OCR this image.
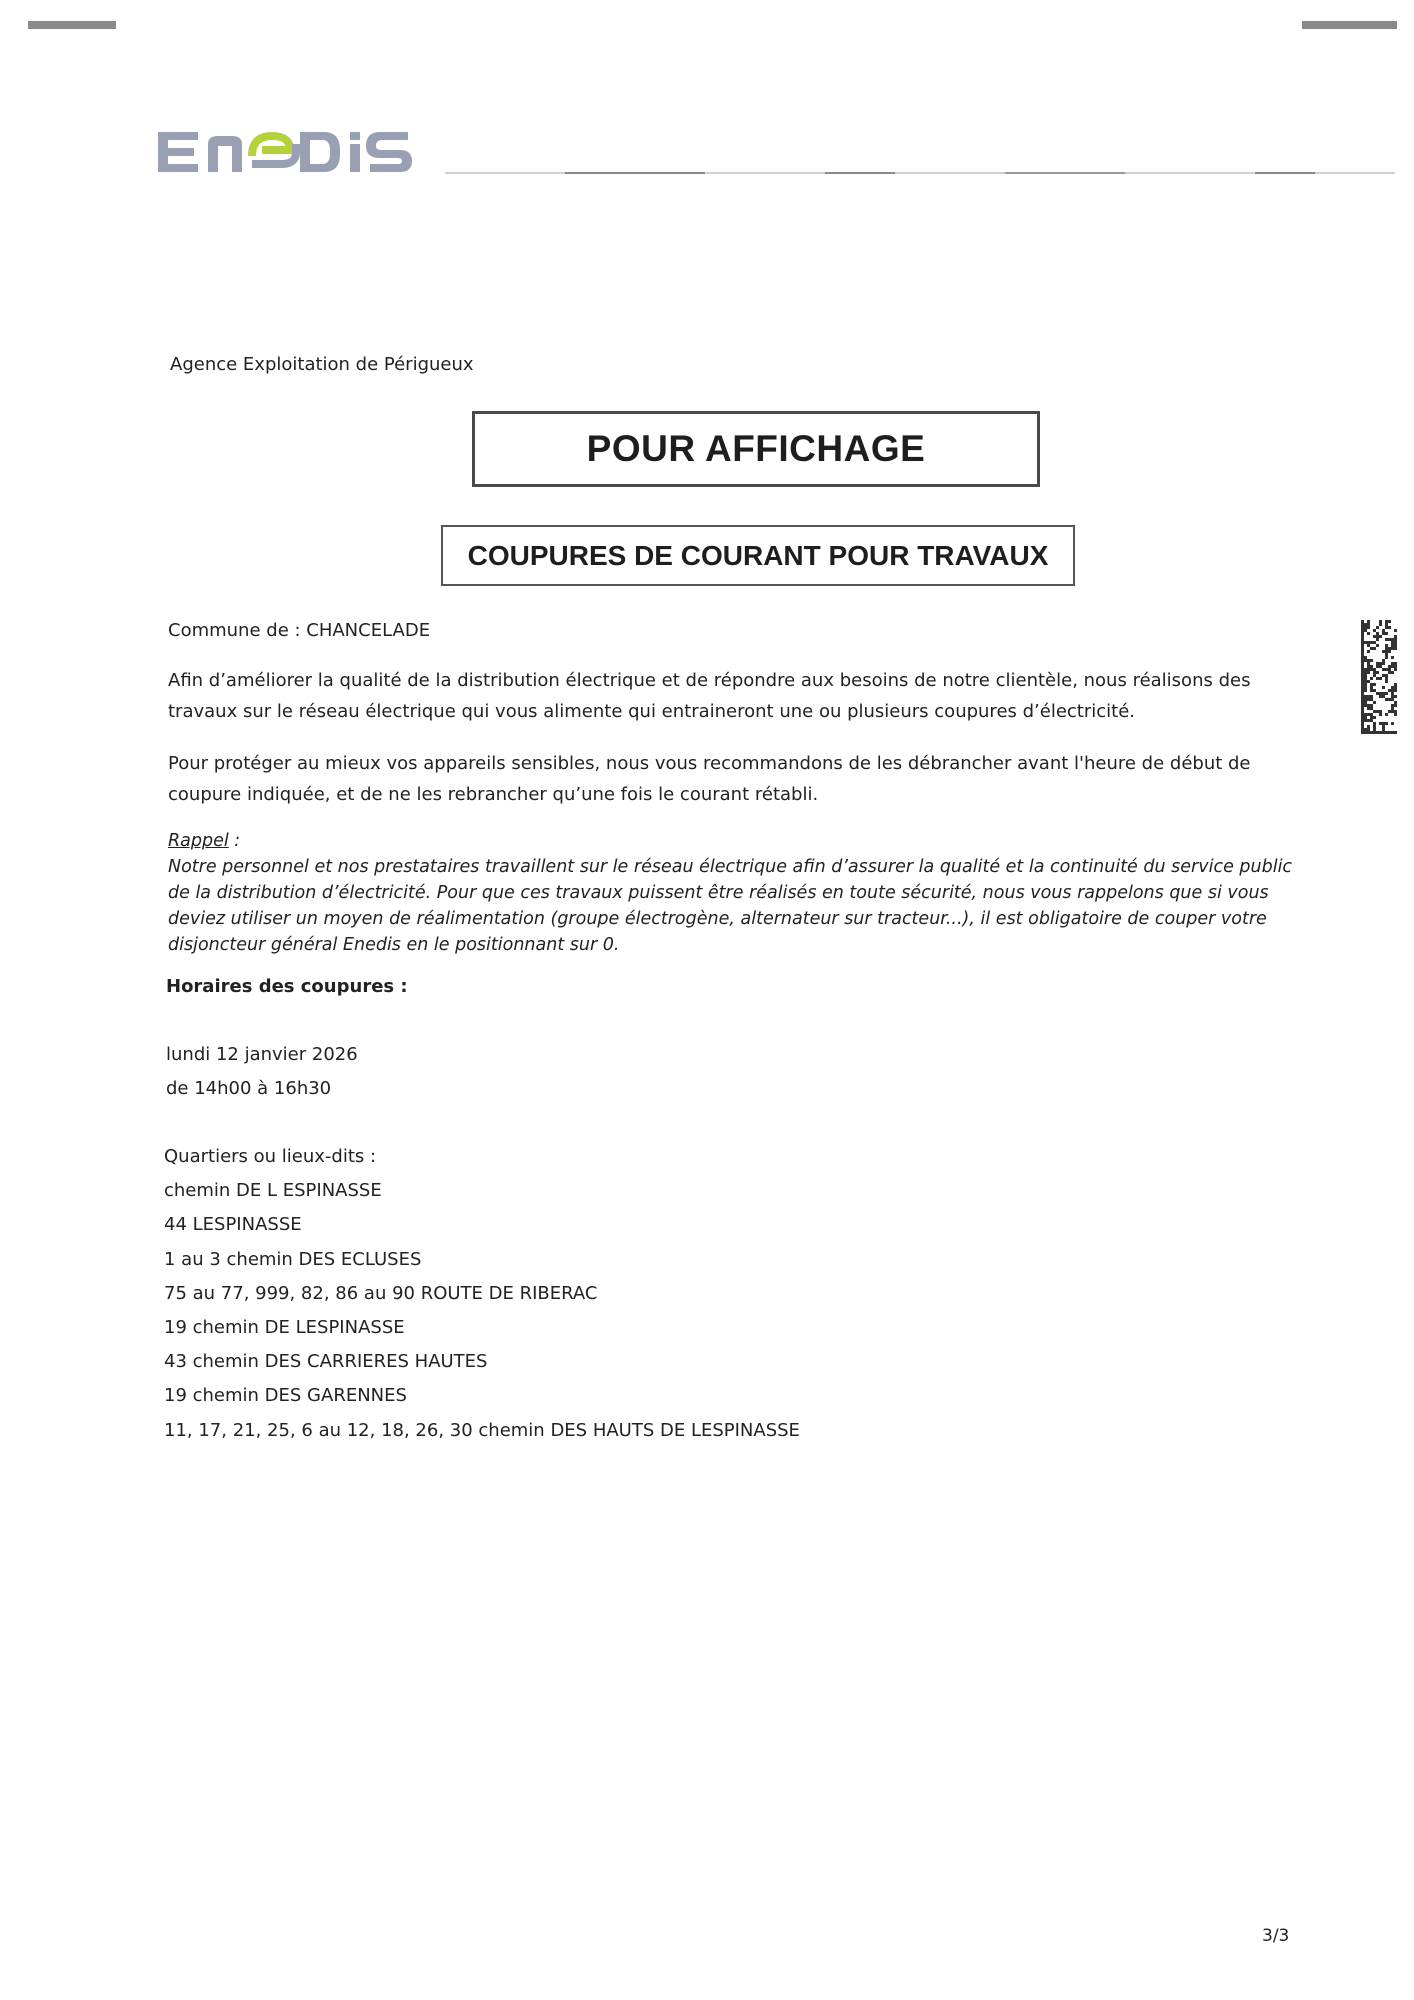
Agence Exploitation de Périgueux
POUR AFFICHAGE
COUPURES DE COURANT POUR TRAVAUX
Commune de : CHANCELADE
Afin d’améliorer la qualité de la distribution électrique et de répondre aux besoins de notre clientèle, nous réalisons des travaux sur le réseau électrique qui vous alimente qui entraineront une ou plusieurs coupures d’électricité.
Pour protéger au mieux vos appareils sensibles, nous vous recommandons de les débrancher avant l'heure de début de coupure indiquée, et de ne les rebrancher qu’une fois le courant rétabli.
Rappel :
Notre personnel et nos prestataires travaillent sur le réseau électrique afin d’assurer la qualité et la continuité du service public de la distribution d’électricité. Pour que ces travaux puissent être réalisés en toute sécurité, nous vous rappelons que si vous deviez utiliser un moyen de réalimentation (groupe électrogène, alternateur sur tracteur...), il est obligatoire de couper votre disjoncteur général Enedis en le positionnant sur 0.
Horaires des coupures :
lundi 12 janvier 2026
de 14h00 à 16h30
Quartiers ou lieux-dits :
chemin DE L ESPINASSE
44 LESPINASSE
1 au 3 chemin DES ECLUSES
75 au 77, 999, 82, 86 au 90 ROUTE DE RIBERAC
19 chemin DE LESPINASSE
43 chemin DES CARRIERES HAUTES
19 chemin DES GARENNES
11, 17, 21, 25, 6 au 12, 18, 26, 30 chemin DES HAUTS DE LESPINASSE
3/3
